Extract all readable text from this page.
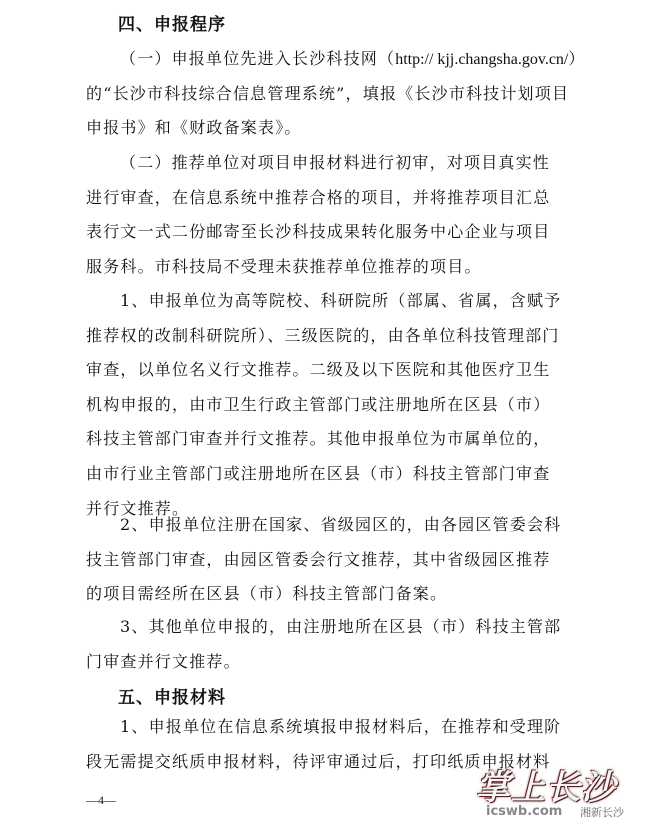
四、申报程序
（一）申报单位先进入长沙科技网（http:// kjj.changsha.gov.cn/）
的“长沙市科技综合信息管理系统”，填报《长沙市科技计划项目
申报书》和《财政备案表》。
（二）推荐单位对项目申报材料进行初审，对项目真实性
进行审查，在信息系统中推荐合格的项目，并将推荐项目汇总
表行文一式二份邮寄至长沙科技成果转化服务中心企业与项目
服务科。市科技局不受理未获推荐单位推荐的项目。
1、申报单位为高等院校、科研院所（部属、省属，含赋予
推荐权的改制科研院所）、三级医院的，由各单位科技管理部门
审查，以单位名义行文推荐。二级及以下医院和其他医疗卫生
机构申报的，由市卫生行政主管部门或注册地所在区县（市）
科技主管部门审查并行文推荐。其他申报单位为市属单位的，
由市行业主管部门或注册地所在区县（市）科技主管部门审查
并行文推荐。
2、申报单位注册在国家、省级园区的，由各园区管委会科
技主管部门审查，由园区管委会行文推荐，其中省级园区推荐
的项目需经所在区县（市）科技主管部门备案。
3、其他单位申报的，由注册地所在区县（市）科技主管部
门审查并行文推荐。
五、申报材料
1、申报单位在信息系统填报申报材料后，在推荐和受理阶
段无需提交纸质申报材料，待评审通过后，打印纸质申报材料
—4—	掌上长沙
icswb.com 湘新长沙
